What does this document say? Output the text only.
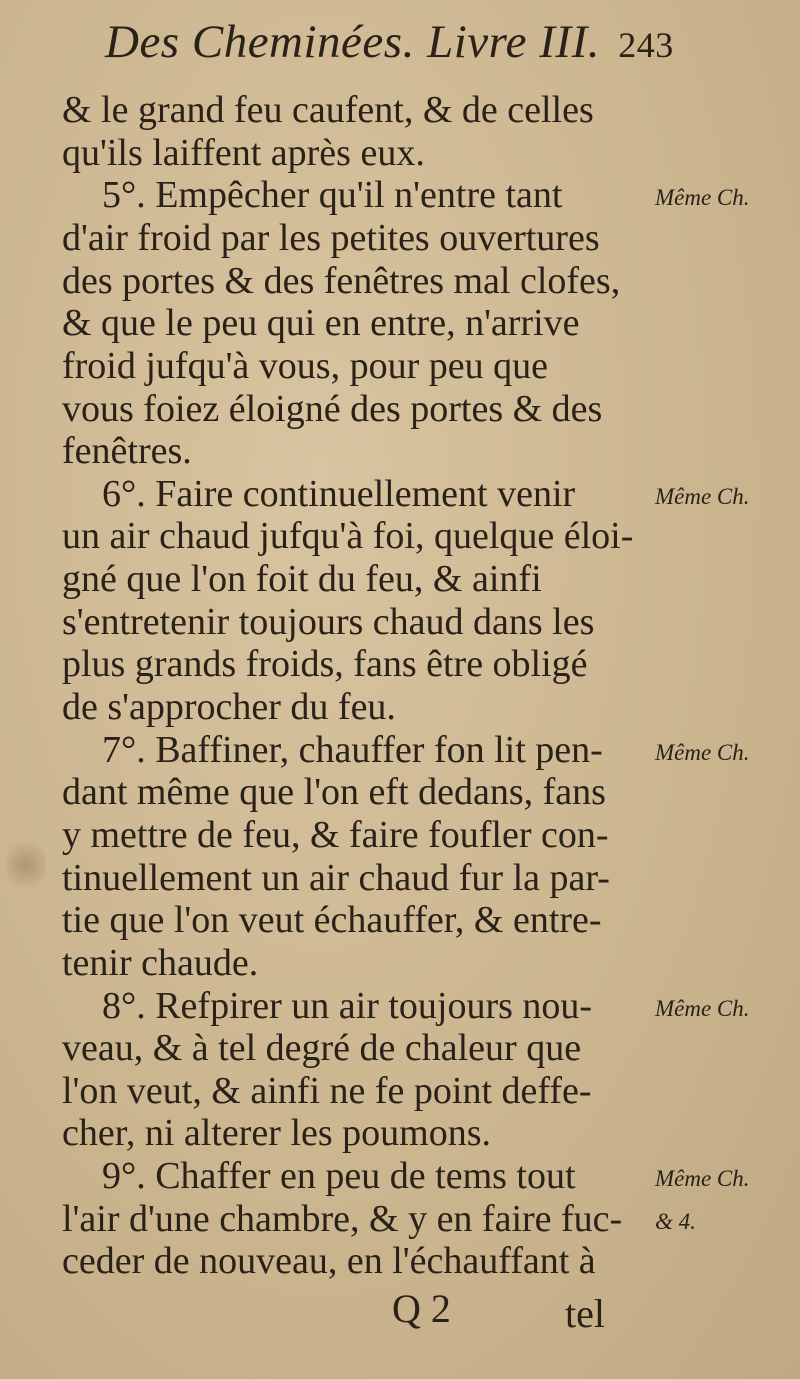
Des Cheminées. Livre III. 243
& le grand feu caufent, & de celles
qu'ils laiffent après eux.
5°. Empêcher qu'il n'entre tant
d'air froid par les petites ouvertures
des portes & des fenêtres mal clofes,
& que le peu qui en entre, n'arrive
froid jufqu'à vous, pour peu que
vous foiez éloigné des portes & des
fenêtres.
6°. Faire continuellement venir
un air chaud jufqu'à foi, quelque éloi-
gné que l'on foit du feu, & ainfi
s'entretenir toujours chaud dans les
plus grands froids, fans être obligé
de s'approcher du feu.
7°. Baffiner, chauffer fon lit pen-
dant même que l'on eft dedans, fans
y mettre de feu, & faire foufler con-
tinuellement un air chaud fur la par-
tie que l'on veut échauffer, & entre-
tenir chaude.
8°. Refpirer un air toujours nou-
veau, & à tel degré de chaleur que
l'on veut, & ainfi ne fe point deffe-
cher, ni alterer les poumons.
9°. Chaffer en peu de tems tout
l'air d'une chambre, & y en faire fuc-
ceder de nouveau, en l'échauffant à
Même Ch.
Même Ch.
Même Ch.
Même Ch.
Même Ch.
& 4.
Q 2	tel
